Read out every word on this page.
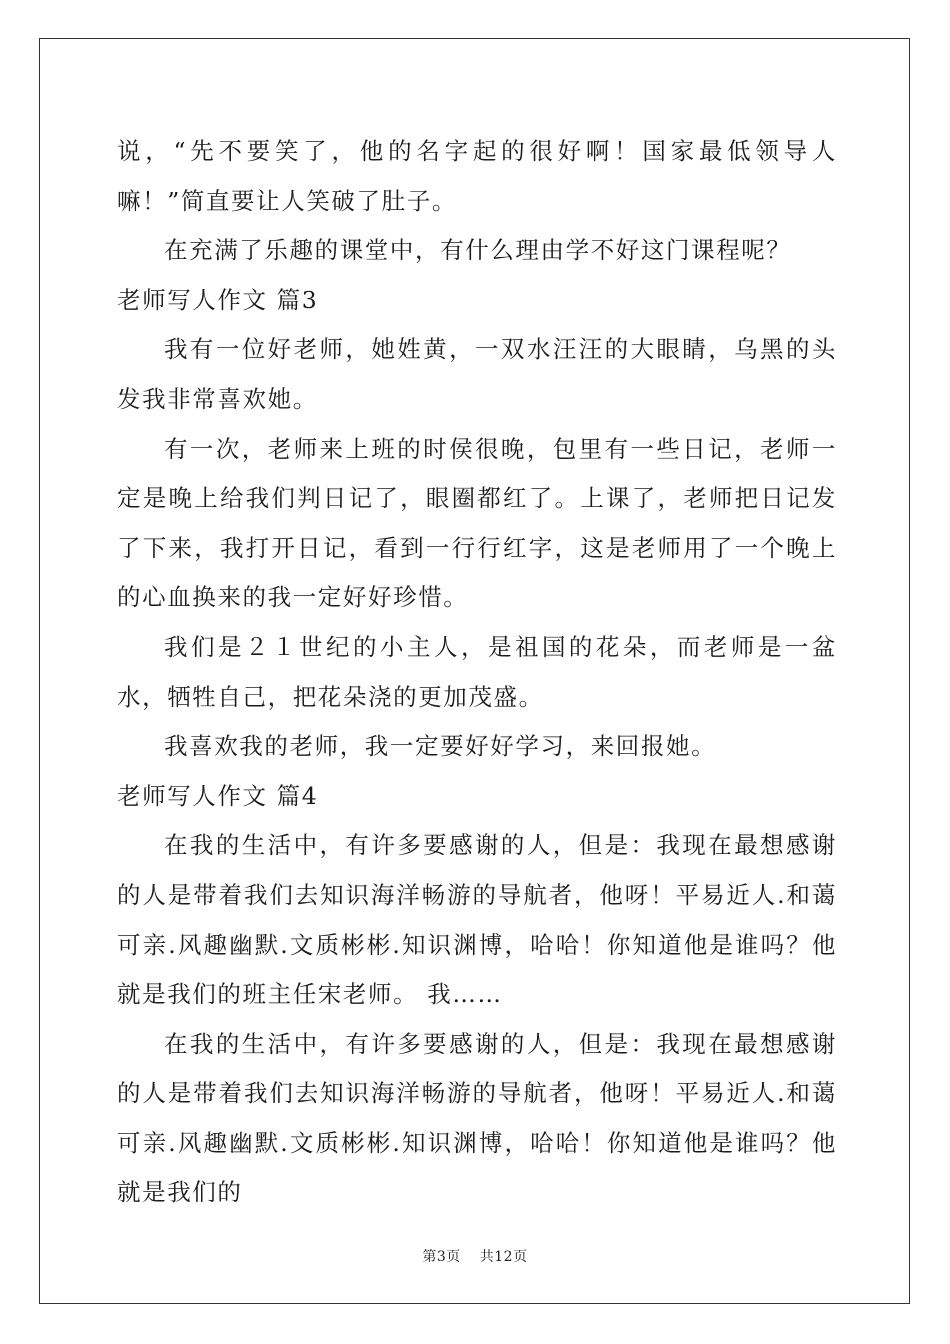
说，“先不要笑了，他的名字起的很好啊！国家最低领导人嘛！”简直要让人笑破了肚子。

在充满了乐趣的课堂中，有什么理由学不好这门课程呢？

老师写人作文 篇3

我有一位好老师，她姓黄，一双水汪汪的大眼睛，乌黑的头发我非常喜欢她。

有一次，老师来上班的时侯很晚，包里有一些日记，老师一定是晚上给我们判日记了，眼圈都红了。上课了，老师把日记发了下来，我打开日记，看到一行行红字，这是老师用了一个晚上的心血换来的我一定好好珍惜。

我们是２１世纪的小主人，是祖国的花朵，而老师是一盆水，牺牲自己，把花朵浇的更加茂盛。

我喜欢我的老师，我一定要好好学习，来回报她。

老师写人作文 篇4

在我的生活中，有许多要感谢的人，但是：我现在最想感谢的人是带着我们去知识海洋畅游的导航者，他呀！平易近人.和蔼可亲.风趣幽默.文质彬彬.知识渊博，哈哈！你知道他是谁吗？他就是我们的班主任宋老师。 我……

在我的生活中，有许多要感谢的人，但是：我现在最想感谢的人是带着我们去知识海洋畅游的导航者，他呀！平易近人.和蔼可亲.风趣幽默.文质彬彬.知识渊博，哈哈！你知道他是谁吗？他就是我们的

第3页 共12页
